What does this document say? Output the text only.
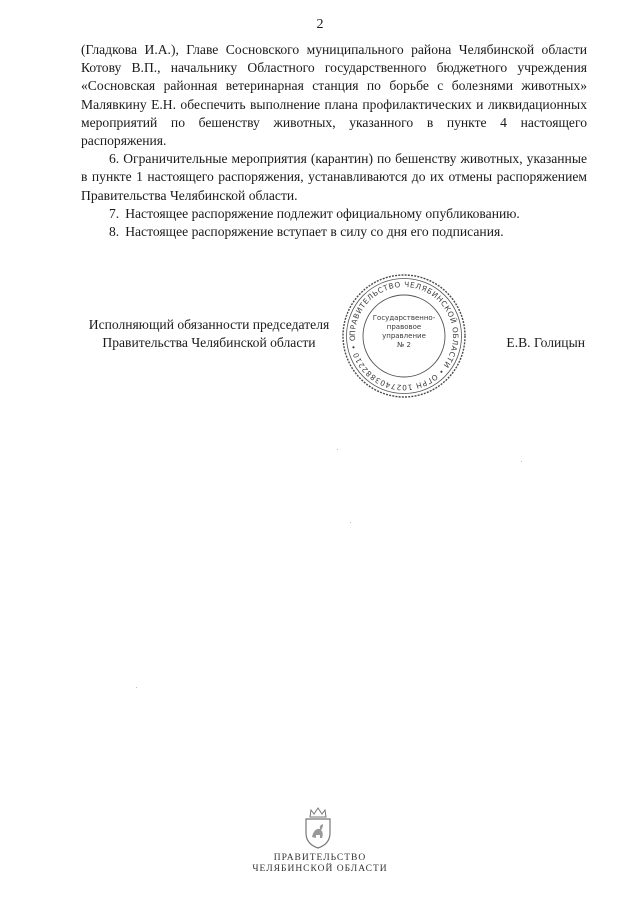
2

(Гладкова И.А.), Главе Сосновского муниципального района Челябинской области Котову В.П., начальнику Областного государственного бюджетного учреждения «Сосновская районная ветеринарная станция по борьбе с болезнями животных» Малявкину Е.Н. обеспечить выполнение плана профилактических и ликвидационных мероприятий по бешенству животных, указанного в пункте 4 настоящего распоряжения.

6. Ограничительные мероприятия (карантин) по бешенству животных, указанные в пункте 1 настоящего распоряжения, устанавливаются до их отмены распоряжением Правительства Челябинской области.

7. Настоящее распоряжение подлежит официальному опубликованию.

8. Настоящее распоряжение вступает в силу со дня его подписания.

Исполняющий обязанности председателя
Правительства Челябинской области	Е.В. Голицын
ПРАВИТЕЛЬСТВО ЧЕЛЯБИНСКОЙ ОБЛАСТИ • ОГРН 1027403882210 • О
Государственно-
правовое
управление
№ 2
ПРАВИТЕЛЬСТВО
ЧЕЛЯБИНСКОЙ ОБЛАСТИ
